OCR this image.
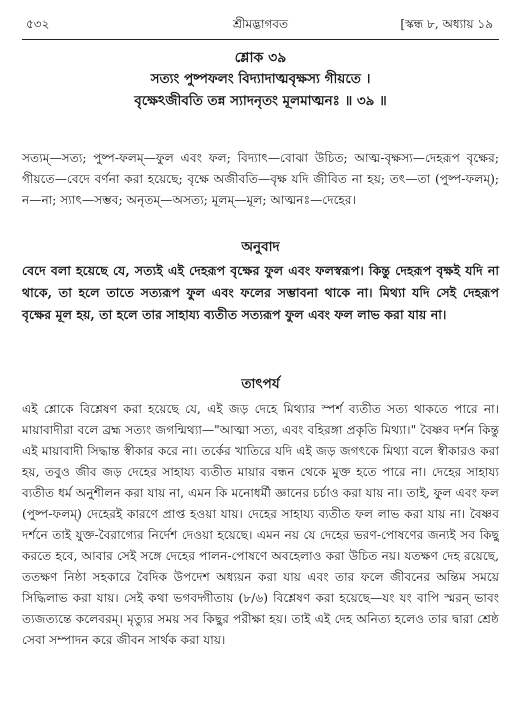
৫৩২	শ্রীমদ্ভাগবত	[স্কন্ধ ৮, অধ্যায় ১৯
শ্লোক ৩৯
সত্যং পুষ্পফলং বিদ্যাদাত্মবৃক্ষস্য গীয়তে ।
বৃক্ষেঽজীবতি তন্ন স্যাদনৃতং মূলমাত্মনঃ ॥ ৩৯ ॥

সত্যম্—সত্য; পুষ্প-ফলম্—ফুল এবং ফল; বিদ্যাৎ—বোঝা উচিত; আত্ম-বৃক্ষস্য—দেহরূপ বৃক্ষের; গীয়তে—বেদে বর্ণনা করা হয়েছে; বৃক্ষে অজীবতি—বৃক্ষ যদি জীবিত না হয়; তৎ—তা (পুষ্প-ফলম্); ন—না; স্যাৎ—সম্ভব; অনৃতম্—অসত্য; মূলম্—মূল; আত্মনঃ—দেহের।

অনুবাদ

বেদে বলা হয়েছে যে, সত্যই এই দেহরূপ বৃক্ষের ফুল এবং ফলস্বরূপ। কিন্তু দেহরূপ বৃক্ষই যদি না থাকে, তা হলে তাতে সত্যরূপ ফুল এবং ফলের সম্ভাবনা থাকে না। মিথ্যা যদি সেই দেহরূপ বৃক্ষের মূল হয়, তা হলে তার সাহায্য ব্যতীত সত্যরূপ ফুল এবং ফল লাভ করা যায় না।

তাৎপর্য

এই শ্লোকে বিশ্লেষণ করা হয়েছে যে, এই জড় দেহে মিথ্যার স্পর্শ ব্যতীত সত্য থাকতে পারে না। মায়াবাদীরা বলে ব্রহ্ম সত্যং জগন্মিথ্যা—"আত্মা সত্য, এবং বহিরঙ্গা প্রকৃতি মিথ্যা।" বৈষ্ণব দর্শন কিন্তু এই মায়াবাদী সিদ্ধান্ত স্বীকার করে না। তর্কের খাতিরে যদি এই জড় জগৎকে মিথ্যা বলে স্বীকারও করা হয়, তবুও জীব জড় দেহের সাহায্য ব্যতীত মায়ার বন্ধন থেকে মুক্ত হতে পারে না। দেহের সাহায্য ব্যতীত ধর্ম অনুশীলন করা যায় না, এমন কি মনোধর্মী জ্ঞানের চর্চাও করা যায় না। তাই, ফুল এবং ফল (পুষ্প-ফলম্) দেহেরই কারণে প্রাপ্ত হওয়া যায়। দেহের সাহায্য ব্যতীত ফল লাভ করা যায় না। বৈষ্ণব দর্শনে তাই যুক্ত-বৈরাগ্যের নির্দেশ দেওয়া হয়েছে। এমন নয় যে দেহের ভরণ-পোষণের জন্যই সব কিছু করতে হবে, আবার সেই সঙ্গে দেহের পালন-পোষণে অবহেলাও করা উচিত নয়। যতক্ষণ দেহ রয়েছে, ততক্ষণ নিষ্ঠা সহকারে বৈদিক উপদেশ অধ্যয়ন করা যায় এবং তার ফলে জীবনের অন্তিম সময়ে সিদ্ধিলাভ করা যায়। সেই কথা ভগবদ্গীতায় (৮/৬) বিশ্লেষণ করা হয়েছে—যং যং বাপি স্মরন্ ভাবং ত্যজত্যন্তে কলেবরম্। মৃত্যুর সময় সব কিছুর পরীক্ষা হয়। তাই এই দেহ অনিত্য হলেও তার দ্বারা শ্রেষ্ঠ সেবা সম্পাদন করে জীবন সার্থক করা যায়।
